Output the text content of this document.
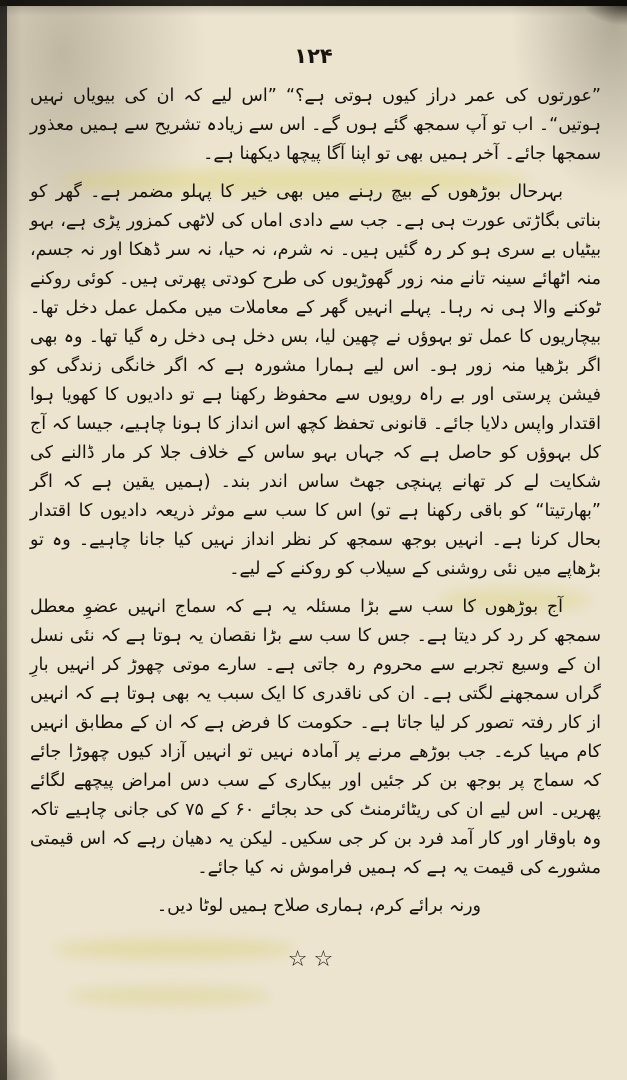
۱۲۴

”عورتوں کی عمر دراز کیوں ہوتی ہے؟“ ”اس لیے کہ ان کی بیویاں نہیں ہوتیں“۔ اب تو آپ سمجھ گئے ہوں گے۔ اس سے زیادہ تشریح سے ہمیں معذور سمجھا جائے۔ آخر ہمیں بھی تو اپنا آگا پیچھا دیکھنا ہے۔

بہرحال بوڑھوں کے بیچ رہنے میں بھی خیر کا پہلو مضمر ہے۔ گھر کو بناتی بگاڑتی عورت ہی ہے۔ جب سے دادی اماں کی لاٹھی کمزور پڑی ہے، بہو بیٹیاں بے سری ہو کر رہ گئیں ہیں۔ نہ شرم، نہ حیا، نہ سر ڈھکا اور نہ جسم، منہ اٹھائے سینہ تانے منہ زور گھوڑیوں کی طرح کودتی پھرتی ہیں۔ کوئی روکنے ٹوکنے والا ہی نہ رہا۔ پہلے انہیں گھر کے معاملات میں مکمل عمل دخل تھا۔ بیچاریوں کا عمل تو بہوؤں نے چھین لیا، بس دخل ہی دخل رہ گیا تھا۔ وہ بھی اگر بڑھیا منہ زور ہو۔ اس لیے ہمارا مشورہ ہے کہ اگر خانگی زندگی کو فیشن پرستی اور بے راہ رویوں سے محفوظ رکھنا ہے تو دادیوں کا کھویا ہوا اقتدار واپس دلایا جائے۔ قانونی تحفظ کچھ اس انداز کا ہونا چاہیے، جیسا کہ آج کل بہوؤں کو حاصل ہے کہ جہاں بہو ساس کے خلاف جلا کر مار ڈالنے کی شکایت لے کر تھانے پہنچی جھٹ ساس اندر بند۔ (ہمیں یقین ہے کہ اگر ”بھارتیتا“ کو باقی رکھنا ہے تو) اس کا سب سے موثر ذریعہ دادیوں کا اقتدار بحال کرنا ہے۔ انہیں بوجھ سمجھ کر نظر انداز نہیں کیا جانا چاہیے۔ وہ تو بڑھاپے میں نئی روشنی کے سیلاب کو روکنے کے لیے۔

آج بوڑھوں کا سب سے بڑا مسئلہ یہ ہے کہ سماج انہیں عضوِ معطل سمجھ کر رد کر دیتا ہے۔ جس کا سب سے بڑا نقصان یہ ہوتا ہے کہ نئی نسل ان کے وسیع تجربے سے محروم رہ جاتی ہے۔ سارے موتی چھوڑ کر انہیں بارِ گراں سمجھنے لگتی ہے۔ ان کی ناقدری کا ایک سبب یہ بھی ہوتا ہے کہ انہیں از کار رفتہ تصور کر لیا جاتا ہے۔ حکومت کا فرض ہے کہ ان کے مطابق انہیں کام مہیا کرے۔ جب بوڑھے مرنے پر آمادہ نہیں تو انہیں آزاد کیوں چھوڑا جائے کہ سماج پر بوجھ بن کر جئیں اور بیکاری کے سب دس امراض پیچھے لگائے پھریں۔ اس لیے ان کی ریٹائرمنٹ کی حد بجائے ۶۰ کے ۷۵ کی جانی چاہیے تاکہ وہ باوقار اور کار آمد فرد بن کر جی سکیں۔ لیکن یہ دھیان رہے کہ اس قیمتی مشورے کی قیمت یہ ہے کہ ہمیں فراموش نہ کیا جائے۔

ورنہ برائے کرم، ہماری صلاح ہمیں لوٹا دیں۔

☆☆
